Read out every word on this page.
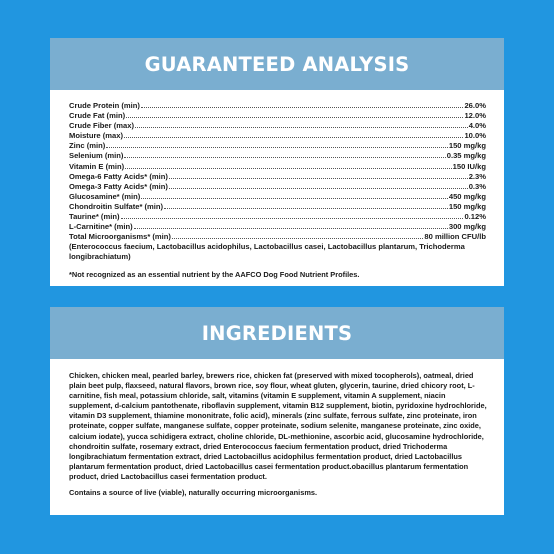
GUARANTEED ANALYSIS
Crude Protein (min)	26.0%
Crude Fat (min)	12.0%
Crude Fiber (max)	4.0%
Moisture (max)	10.0%
Zinc (min)	150 mg/kg
Selenium (min)	0.35 mg/kg
Vitamin E (min)	150 IU/kg
Omega-6 Fatty Acids* (min)	2.3%
Omega-3 Fatty Acids* (min)	0.3%
Glucosamine* (min)	450 mg/kg
Chondroitin Sulfate* (min)	150 mg/kg
Taurine* (min)	0.12%
L-Carnitine* (min)	300 mg/kg
Total Microorganisms* (min)	80 million CFU/lb
(Enterococcus faecium, Lactobacillus acidophilus, Lactobacillus casei, Lactobacillus plantarum, Trichoderma longibrachiatum)
*Not recognized as an essential nutrient by the AAFCO Dog Food Nutrient Profiles.
INGREDIENTS

Chicken, chicken meal, pearled barley, brewers rice, chicken fat (preserved with mixed tocopherols), oatmeal, dried plain beet pulp, flaxseed, natural flavors, brown rice, soy flour, wheat gluten, glycerin, taurine, dried chicory root, L-carnitine, fish meal, potassium chloride, salt, vitamins (vitamin E supplement, vitamin A supplement, niacin supplement, d-calcium pantothenate, riboflavin supplement, vitamin B12 supplement, biotin, pyridoxine hydrochloride, vitamin D3 supplement, thiamine mononitrate, folic acid), minerals (zinc sulfate, ferrous sulfate, zinc proteinate, iron proteinate, copper sulfate, manganese sulfate, copper proteinate, sodium selenite, manganese proteinate, zinc oxide, calcium iodate), yucca schidigera extract, choline chloride, DL-methionine, ascorbic acid, glucosamine hydrochloride, chondroitin sulfate, rosemary extract, dried Enterococcus faecium fermentation product, dried Trichoderma longibrachiatum fermentation extract, dried Lactobacillus acidophilus fermentation product, dried Lactobacillus plantarum fermentation product, dried Lactobacillus casei fermentation product.obacillus plantarum fermentation product, dried Lactobacillus casei fermentation product.

Contains a source of live (viable), naturally occurring microorganisms.
